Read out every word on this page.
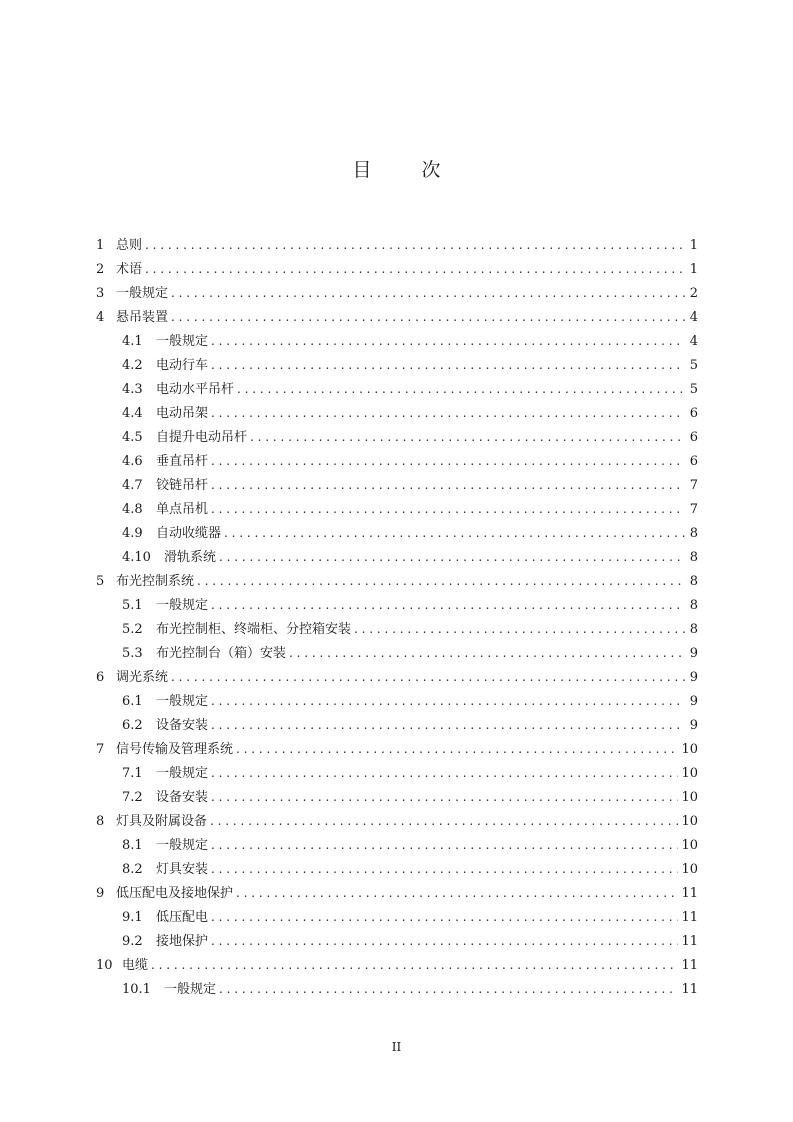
目 次
1 总则 . . .	1
2 术语 . . .	1
3 一般规定 . . .	2
4 悬吊装置 . . .	4
4.1	一般规定 . . .	4
4.2	电动行车 . . .	5
4.3	电动水平吊杆 . . .	5
4.4	电动吊架 . . .	6
4.5	自提升电动吊杆 . . .	6
4.6	垂直吊杆 . . .	6
4.7	铰链吊杆 . . .	7
4.8	单点吊机 . . .	7
4.9	自动收缆器 . . .	8
4.10	滑轨系统 . . .	8
5 布光控制系统 . . .	8
5.1	一般规定 . . .	8
5.2	布光控制柜、终端柜、分控箱安装 . . .	8
5.3	布光控制台（箱）安装 . . .	9
6 调光系统 . . .	9
6.1	一般规定 . . .	9
6.2	设备安装 . . .	9
7 信号传输及管理系统 . . .	10
7.1	一般规定 . . .	10
7.2	设备安装 . . .	10
8 灯具及附属设备 . . .	10
8.1	一般规定 . . .	10
8.2	灯具安装 . . .	10
9 低压配电及接地保护 . . .	11
9.1	低压配电 . . .	11
9.2	接地保护 . . .	11
10 电缆 . . .	11
10.1	一般规定 . . .	11
II
